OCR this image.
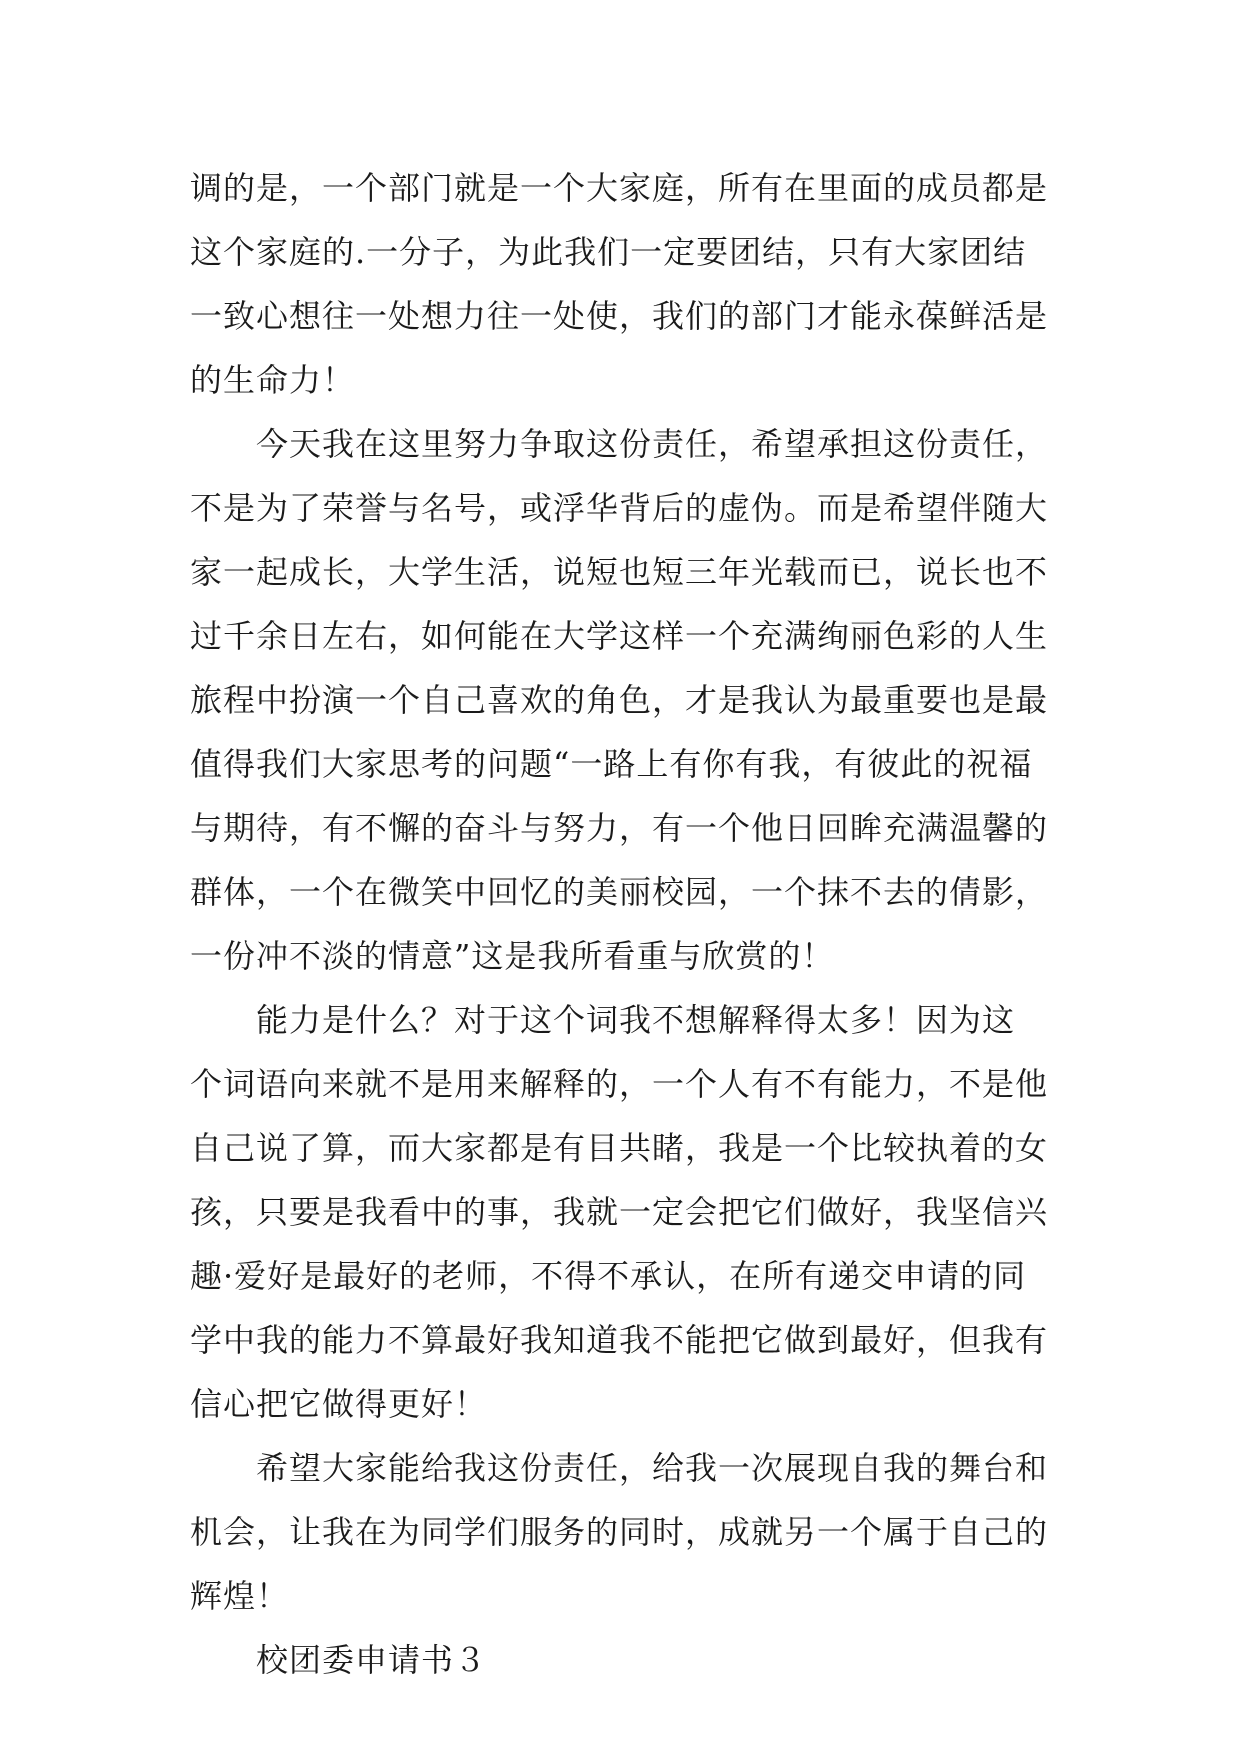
调的是，一个部门就是一个大家庭，所有在里面的成员都是
这个家庭的.一分子，为此我们一定要团结，只有大家团结
一致心想往一处想力往一处使，我们的部门才能永葆鲜活是
的生命力！
今天我在这里努力争取这份责任，希望承担这份责任，
不是为了荣誉与名号，或浮华背后的虚伪。而是希望伴随大
家一起成长，大学生活，说短也短三年光载而已，说长也不
过千余日左右，如何能在大学这样一个充满绚丽色彩的人生
旅程中扮演一个自己喜欢的角色，才是我认为最重要也是最
值得我们大家思考的问题“一路上有你有我，有彼此的祝福
与期待，有不懈的奋斗与努力，有一个他日回眸充满温馨的
群体，一个在微笑中回忆的美丽校园，一个抹不去的倩影，
一份冲不淡的情意”这是我所看重与欣赏的！
能力是什么？对于这个词我不想解释得太多！因为这
个词语向来就不是用来解释的，一个人有不有能力，不是他
自己说了算，而大家都是有目共睹，我是一个比较执着的女
孩，只要是我看中的事，我就一定会把它们做好，我坚信兴
趣·爱好是最好的老师，不得不承认，在所有递交申请的同
学中我的能力不算最好我知道我不能把它做到最好，但我有
信心把它做得更好！
希望大家能给我这份责任，给我一次展现自我的舞台和
机会，让我在为同学们服务的同时，成就另一个属于自己的
辉煌！
校团委申请书３
